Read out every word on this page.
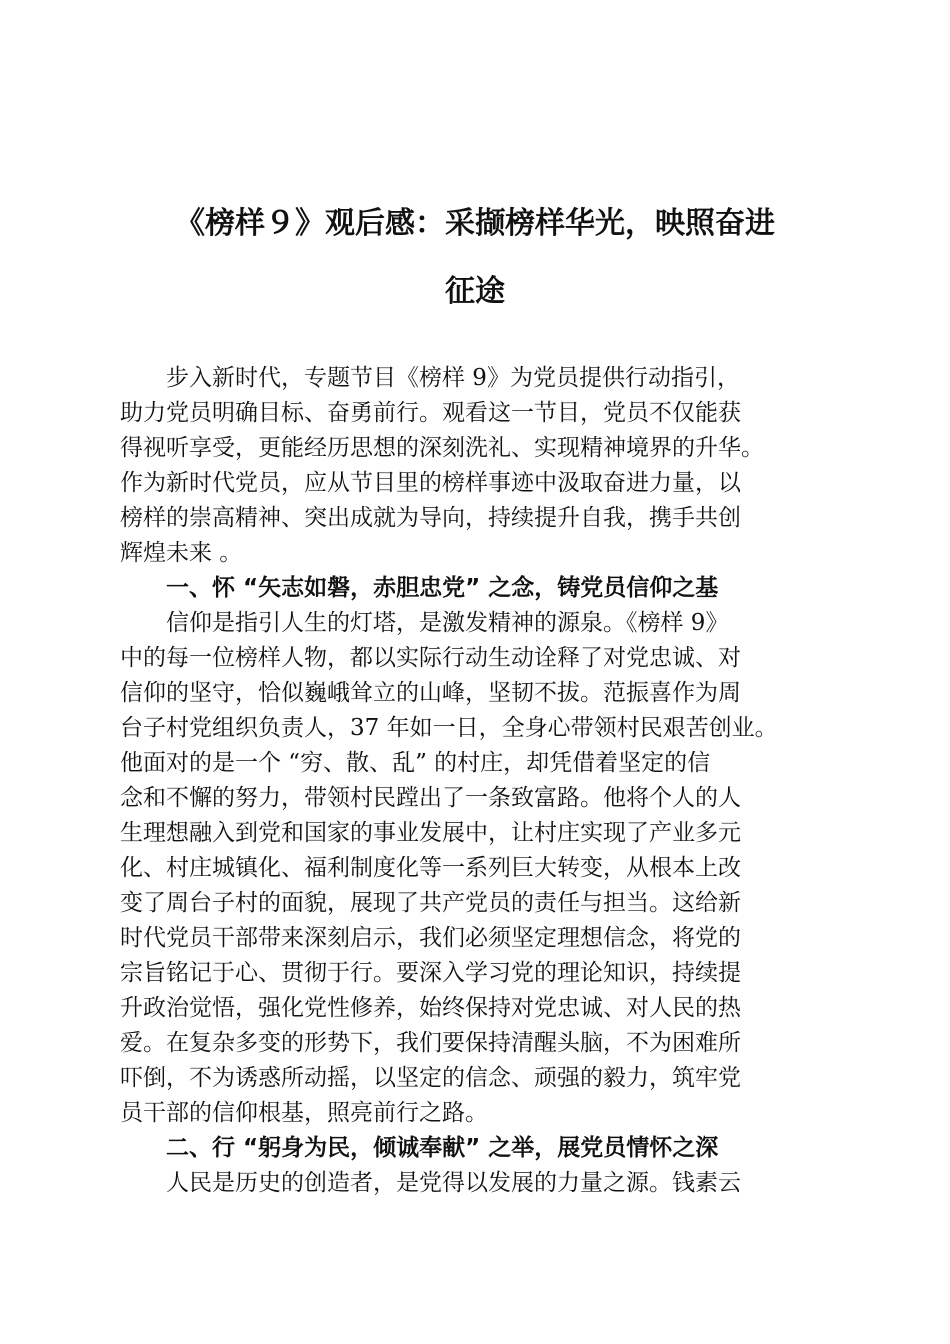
《榜样９》观后感：采撷榜样华光，映照奋进
征途
步入新时代，专题节目《榜样 9》为党员提供行动指引，
助力党员明确目标、奋勇前行。观看这一节目，党员不仅能获
得视听享受，更能经历思想的深刻洗礼、实现精神境界的升华。
作为新时代党员，应从节目里的榜样事迹中汲取奋进力量，以
榜样的崇高精神、突出成就为导向，持续提升自我，携手共创
辉煌未来 。
一、怀 “矢志如磐，赤胆忠党” 之念，铸党员信仰之基
信仰是指引人生的灯塔，是激发精神的源泉。《榜样 9》
中的每一位榜样人物，都以实际行动生动诠释了对党忠诚、对
信仰的坚守，恰似巍峨耸立的山峰，坚韧不拔。范振喜作为周
台子村党组织负责人，37 年如一日，全身心带领村民艰苦创业。
他面对的是一个 “穷、散、乱” 的村庄，却凭借着坚定的信
念和不懈的努力，带领村民蹚出了一条致富路。他将个人的人
生理想融入到党和国家的事业发展中，让村庄实现了产业多元
化、村庄城镇化、福利制度化等一系列巨大转变，从根本上改
变了周台子村的面貌，展现了共产党员的责任与担当。这给新
时代党员干部带来深刻启示，我们必须坚定理想信念，将党的
宗旨铭记于心、贯彻于行。要深入学习党的理论知识，持续提
升政治觉悟，强化党性修养，始终保持对党忠诚、对人民的热
爱。在复杂多变的形势下，我们要保持清醒头脑，不为困难所
吓倒，不为诱惑所动摇，以坚定的信念、顽强的毅力，筑牢党
员干部的信仰根基，照亮前行之路。
二、行 “躬身为民，倾诚奉献” 之举，展党员情怀之深
人民是历史的创造者，是党得以发展的力量之源。钱素云
